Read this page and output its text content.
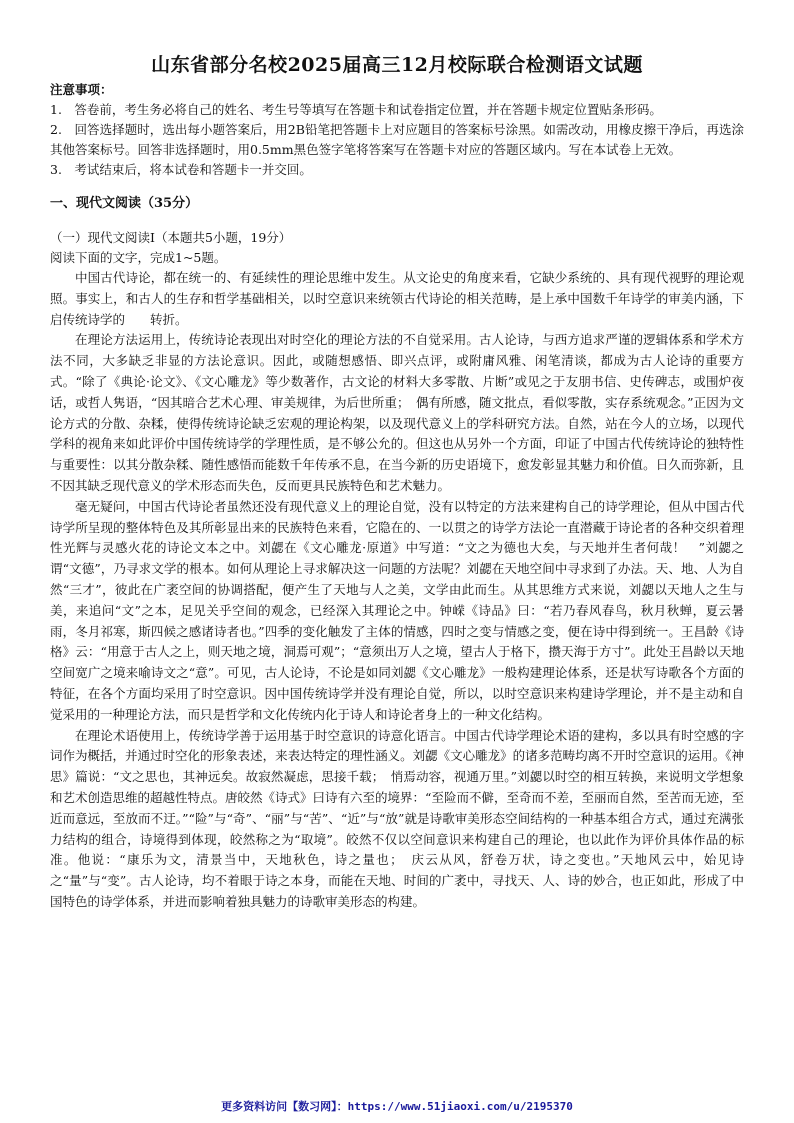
山东省部分名校2025届高三12月校际联合检测语文试题

注意事项：

1.　答卷前，考生务必将自己的姓名、考生号等填写在答题卡和试卷指定位置，并在答题卡规定位置贴条形码。
2.　回答选择题时，选出每小题答案后，用2B铅笔把答题卡上对应题目的答案标号涂黑。如需改动，用橡皮擦干净后，再选涂其他答案标号。回答非选择题时，用0.5mm黑色签字笔将答案写在答题卡对应的答题区域内。写在本试卷上无效。
3.　考试结束后，将本试卷和答题卡一并交回。

一、现代文阅读（35分）

（一）现代文阅读Ⅰ（本题共5小题，19分）

阅读下面的文字，完成1~5题。

中国古代诗论，都在统一的、有延续性的理论思维中发生。从文论史的角度来看，它缺少系统的、具有现代视野的理论观照。事实上，和古人的生存和哲学基础相关，以时空意识来统领古代诗论的相关范畴，是上承中国数千年诗学的审美内涵，下启传统诗学的　　转折。

在理论方法运用上，传统诗论表现出对时空化的理论方法的不自觉采用。古人论诗，与西方追求严谨的逻辑体系和学术方法不同，大多缺乏非显的方法论意识。因此，或随想感悟、即兴点评，或附庸风雅、闲笔清谈，都成为古人论诗的重要方式。“除了《典论·论文》、《文心雕龙》等少数著作，古文论的材料大多零散、片断”或见之于友朋书信、史传碑志，或围炉夜话，或哲人隽语，“因其暗合艺术心理、审美规律，为后世所重；　偶有所感，随文批点，看似零散，实存系统观念。”正因为文论方式的分散、杂糅，使得传统诗论缺乏宏观的理论构架，以及现代意义上的学科研究方法。自然，站在今人的立场，以现代学科的视角来如此评价中国传统诗学的学理性质，是不够公允的。但这也从另外一个方面，印证了中国古代传统诗论的独特性与重要性：以其分散杂糅、随性感悟而能数千年传承不息，在当今新的历史语境下，愈发彰显其魅力和价值。日久而弥新，且不因其缺乏现代意义的学术形态而失色，反而更具民族特色和艺术魅力。

毫无疑问，中国古代诗论者虽然还没有现代意义上的理论自觉，没有以特定的方法来建构自己的诗学理论，但从中国古代诗学所呈现的整体特色及其所彰显出来的民族特色来看，它隐在的、一以贯之的诗学方法论一直潜藏于诗论者的各种交织着理性光辉与灵感火花的诗论文本之中。刘勰在《文心雕龙·原道》中写道：“文之为德也大矣，与天地并生者何哉！　”刘勰之谓“文德”，乃寻求文学的根本。如何从理论上寻求解决这一问题的方法呢？刘勰在天地空间中寻求到了办法。天、地、人为自然“三才”，彼此在广袤空间的协调搭配，便产生了天地与人之美，文学由此而生。从其思维方式来说，刘勰以天地人之生与美，来追问“文”之本，足见关乎空间的观念，已经深入其理论之中。钟嵘《诗品》曰：“若乃春风春鸟，秋月秋蝉，夏云暑雨，冬月祁寒，斯四候之感诸诗者也。”四季的变化触发了主体的情感，四时之变与情感之变，便在诗中得到统一。王昌龄《诗格》云：“用意于古人之上，则天地之境，洞焉可观”；“意须出万人之境，望古人于格下，攒天海于方寸”。此处王昌龄以天地空间宽广之境来喻诗文之“意”。可见，古人论诗，不论是如同刘勰《文心雕龙》一般构建理论体系，还是状写诗歌各个方面的特征，在各个方面均采用了时空意识。因中国传统诗学并没有理论自觉，所以，以时空意识来构建诗学理论，并不是主动和自觉采用的一种理论方法，而只是哲学和文化传统内化于诗人和诗论者身上的一种文化结构。

在理论术语使用上，传统诗学善于运用基于时空意识的诗意化语言。中国古代诗学理论术语的建构，多以具有时空感的字词作为概括，并通过时空化的形象表述，来表达特定的理性涵义。刘勰《文心雕龙》的诸多范畴均离不开时空意识的运用。《神思》篇说：“文之思也，其神远矣。故寂然凝虑，思接千载；　悄焉动容，视通万里。”刘勰以时空的相互转换，来说明文学想象和艺术创造思维的超越性特点。唐皎然《诗式》曰诗有六至的境界：“至险而不僻，至奇而不差，至丽而自然，至苦而无迹，至近而意远，至放而不迂。”“险”与“奇”、“丽”与“苦”、“近”与“放”就是诗歌审美形态空间结构的一种基本组合方式，通过充满张力结构的组合，诗境得到体现，皎然称之为“取境”。皎然不仅以空间意识来构建自己的理论，也以此作为评价具体作品的标准。他说：“康乐为文，清景当中，天地秋色，诗之量也；　庆云从风，舒卷万状，诗之变也。”天地风云中，始见诗之“量”与“变”。古人论诗，均不着眼于诗之本身，而能在天地、时间的广袤中，寻找天、人、诗的妙合，也正如此，形成了中国特色的诗学体系，并进而影响着独具魅力的诗歌审美形态的构建。

更多资料访问【数习网】：https://www.51jiaoxi.com/u/2195370
